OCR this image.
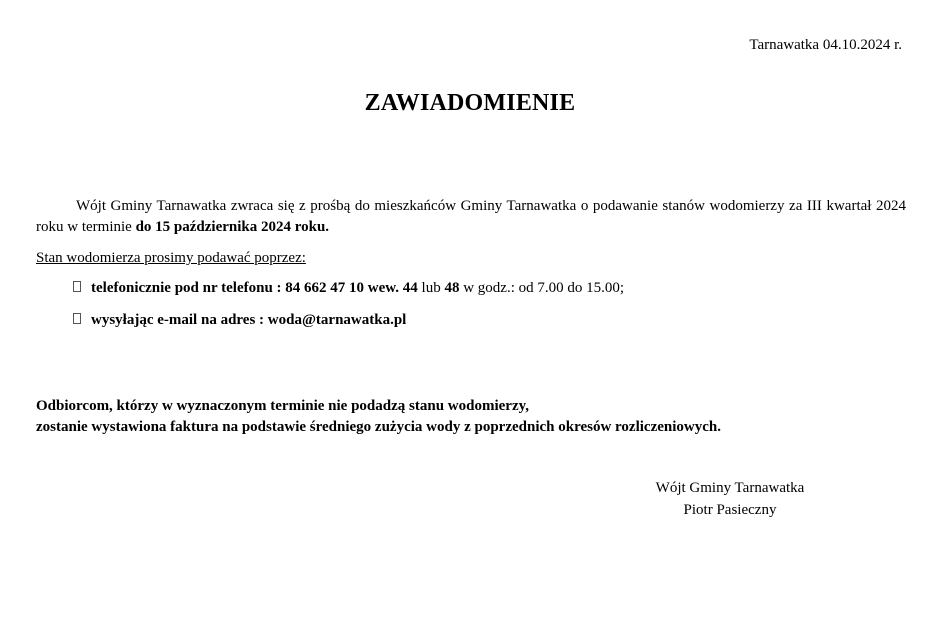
Tarnawatka 04.10.2024 r.
ZAWIADOMIENIE
Wójt Gminy Tarnawatka zwraca się z prośbą do mieszkańców Gminy Tarnawatka o podawanie stanów wodomierzy za III kwartał 2024 roku w terminie do 15 października 2024 roku.
Stan wodomierza prosimy podawać poprzez:
telefonicznie pod nr telefonu : 84 662 47 10 wew. 44 lub 48 w godz.: od 7.00 do 15.00;
wysyłając e-mail na adres : woda@tarnawatka.pl
Odbiorcom, którzy w wyznaczonym terminie nie podadzą stanu wodomierzy,
zostanie wystawiona faktura na podstawie średniego zużycia wody z poprzednich okresów rozliczeniowych.
Wójt Gminy Tarnawatka
Piotr Pasieczny
